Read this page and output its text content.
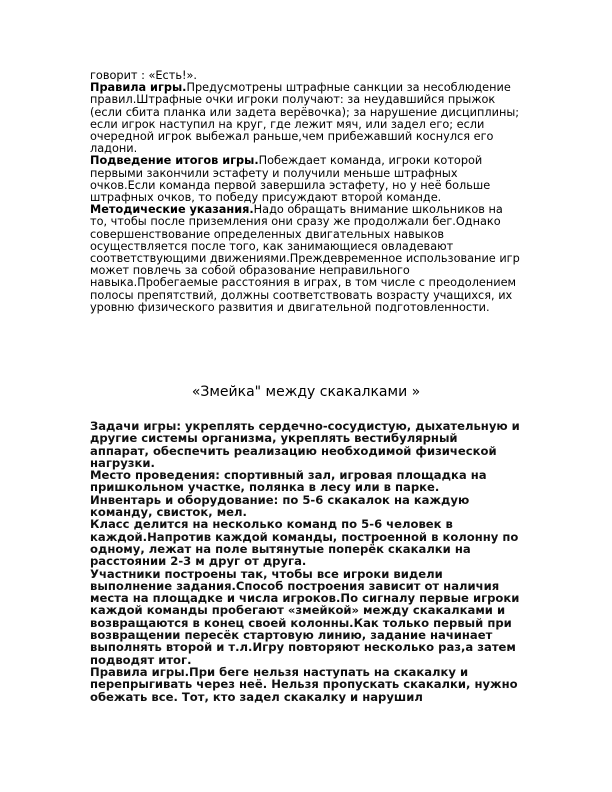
говорит : «Есть!».

Правила игры.Предусмотрены штрафные санкции за несоблюдение правил.Штрафные очки игроки получают: за неудавшийся прыжок (если сбита планка или задета верёвочка); за нарушение дисциплины; если игрок наступил на круг, где лежит мяч, или задел его; если очередной игрок выбежал раньше,чем прибежавший коснулся его ладони.

Подведение итогов игры.Побеждает команда, игроки которой первыми закончили эстафету и получили меньше штрафных очков.Если команда первой завершила эстафету, но у неё больше штрафных очков, то победу присуждают второй команде.

Методические указания.Надо обращать внимание школьников на то, чтобы после приземления они сразу же продолжали бег.Однако совершенствование определенных двигательных навыков осуществляется после того, как занимающиеся овладевают соответствующими движениями.Преждевременное использование игр может повлечь за собой образование неправильного навыка.Пробегаемые расстояния в играх, в том числе с преодолением полосы препятствий, должны соответствовать возрасту учащихся, их уровню физического развития и двигательной подготовленности.

«Змейка" между скакалками »

Задачи игры: укреплять сердечно-сосудистую, дыхательную и другие системы организма, укреплять вестибулярный аппарат, обеспечить реализацию необходимой физической нагрузки.

Место проведения: спортивный зал, игровая площадка на пришкольном участке, полянка в лесу или в парке.

Инвентарь и оборудование: по 5-6 скакалок на каждую команду, свисток, мел.

Класс делится на несколько команд по 5-6 человек в каждой.Напротив каждой команды, построенной в колонну по одному, лежат на поле вытянутые поперёк скакалки на расстоянии 2-3 м друг от друга.

Участники построены так, чтобы все игроки видели выполнение задания.Способ построения зависит от наличия места на площадке и числа игроков.По сигналу первые игроки каждой команды пробегают «змейкой» между скакалками и возвращаются в конец своей колонны.Как только первый при возвращении пересёк стартовую линию, задание начинает выполнять второй и т.л.Игру повторяют несколько раз,а затем подводят итог.

Правила игры.При беге нельзя наступать на скакалку и перепрыгивать через неё. Нельзя пропускать скакалки, нужно обежать все. Тот, кто задел скакалку и нарушил
